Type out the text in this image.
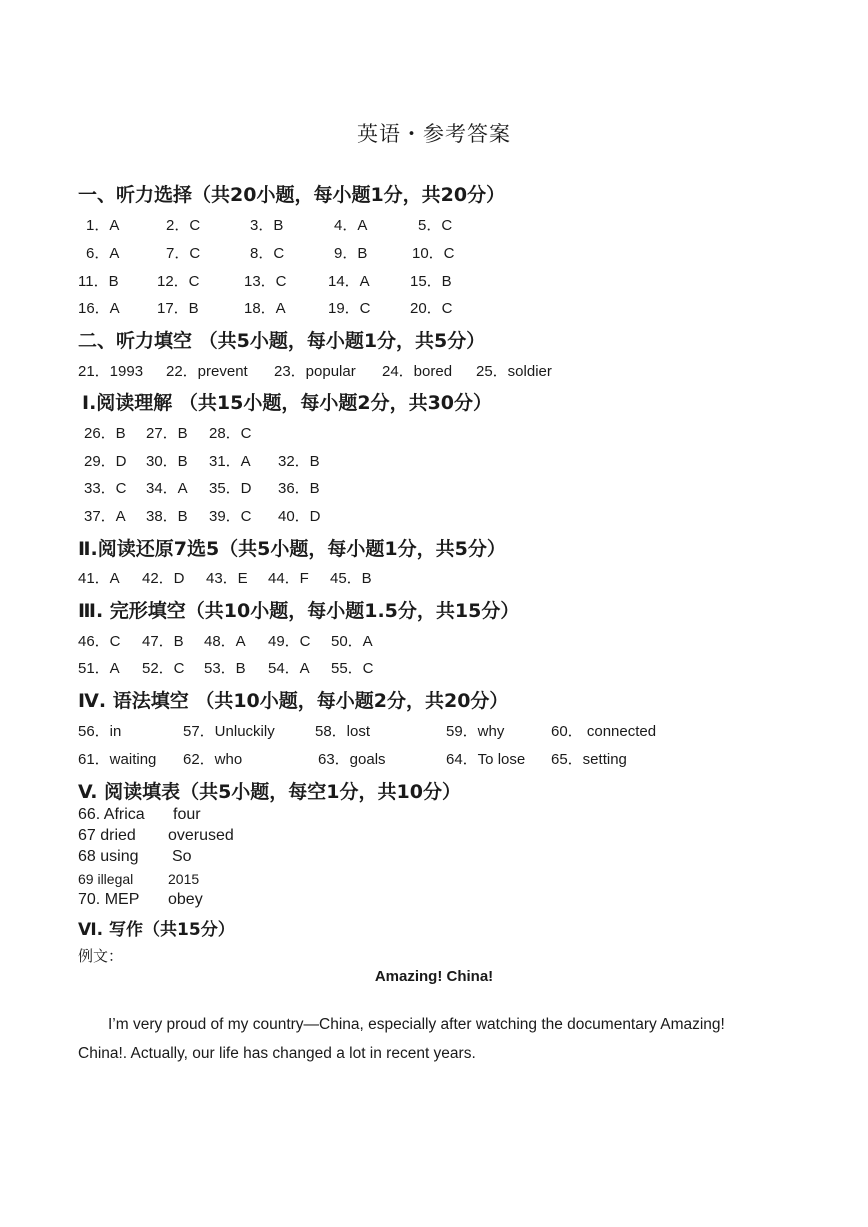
英语・参考答案
一、听力选择（共20小题，每小题1分，共20分）
1．A	2．C	3．B	4．A	5．C
6．A	7．C	8．C	9．B	10．C
11．B	12．C	13．C	14．A	15．B
16．A 17．B	18．A	19．C	20．C
二、听力填空 （共5小题，每小题1分，共5分）
21．1993 22．prevent 23．popular 24．bored 25．soldier
Ⅰ.阅读理解 （共15小题，每小题2分，共30分）
26．B 27．B 28．C
29．D 30．B 31．A 32．B
33．C 34．A 35．D 36．B
37．A 38．B 39．C 40．D
Ⅱ.阅读还原7选5（共5小题，每小题1分，共5分）
41．A 42．D 43．E 44．F 45．B
Ⅲ. 完形填空（共10小题，每小题1.5分，共15分）
46．C 47．B 48．A 49．C 50．A
51．A 52．C 53．B 54．A 55．C
Ⅳ. 语法填空 （共10小题，每小题2分，共20分）
56．in	57．Unluckily	58．lost	59．why	60． connected
61．waiting 62．who	63．goals	64．To lose 65．setting
V. 阅读填表（共5小题，每空1分，共10分）
66. Africa four
67 dried overused
68 using So
69 illegal 2015
70. MEP obey
Ⅵ. 写作（共15分）
例文：
Amazing! China!
I’m very proud of my country—China, especially after watching the documentary Amazing! China!. Actually, our life has changed a lot in recent years.
